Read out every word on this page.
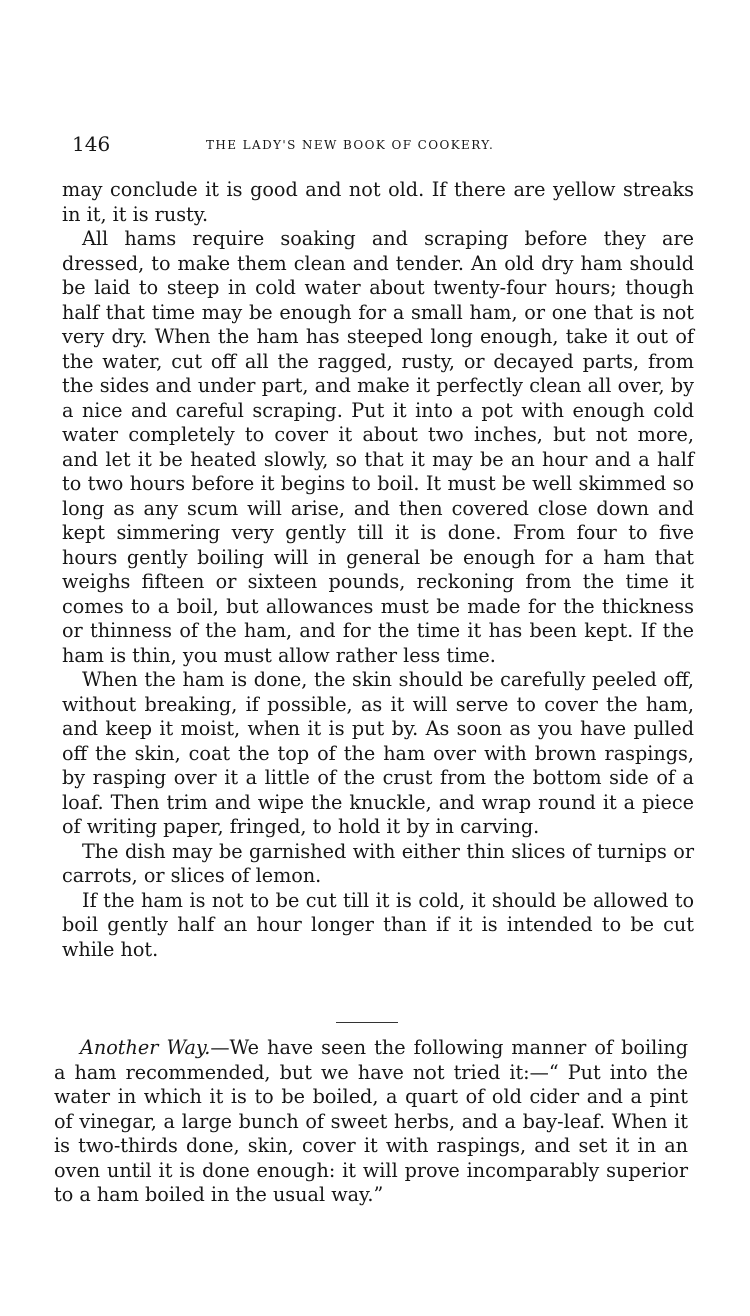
146	THE LADY'S NEW BOOK OF COOKERY.

may conclude it is good and not old. If there are yellow streaks in it, it is rusty.

All hams require soaking and scraping before they are dressed, to make them clean and tender. An old dry ham should be laid to steep in cold water about twenty-four hours; though half that time may be enough for a small ham, or one that is not very dry. When the ham has steeped long enough, take it out of the water, cut off all the ragged, rusty, or decayed parts, from the sides and under part, and make it perfectly clean all over, by a nice and careful scraping. Put it into a pot with enough cold water completely to cover it about two inches, but not more, and let it be heated slowly, so that it may be an hour and a half to two hours before it begins to boil. It must be well skimmed so long as any scum will arise, and then covered close down and kept simmering very gently till it is done. From four to five hours gently boiling will in general be enough for a ham that weighs fifteen or sixteen pounds, reckoning from the time it comes to a boil, but allowances must be made for the thickness or thinness of the ham, and for the time it has been kept. If the ham is thin, you must allow rather less time.

When the ham is done, the skin should be carefully peeled off, without breaking, if possible, as it will serve to cover the ham, and keep it moist, when it is put by. As soon as you have pulled off the skin, coat the top of the ham over with brown raspings, by rasping over it a little of the crust from the bottom side of a loaf. Then trim and wipe the knuckle, and wrap round it a piece of writing paper, fringed, to hold it by in carving.

The dish may be garnished with either thin slices of turnips or carrots, or slices of lemon.

If the ham is not to be cut till it is cold, it should be allowed to boil gently half an hour longer than if it is intended to be cut while hot.

Another Way.—We have seen the following manner of boiling a ham recommended, but we have not tried it:—“ Put into the water in which it is to be boiled, a quart of old cider and a pint of vinegar, a large bunch of sweet herbs, and a bay-leaf. When it is two-thirds done, skin, cover it with raspings, and set it in an oven until it is done enough: it will prove incomparably superior to a ham boiled in the usual way.”
